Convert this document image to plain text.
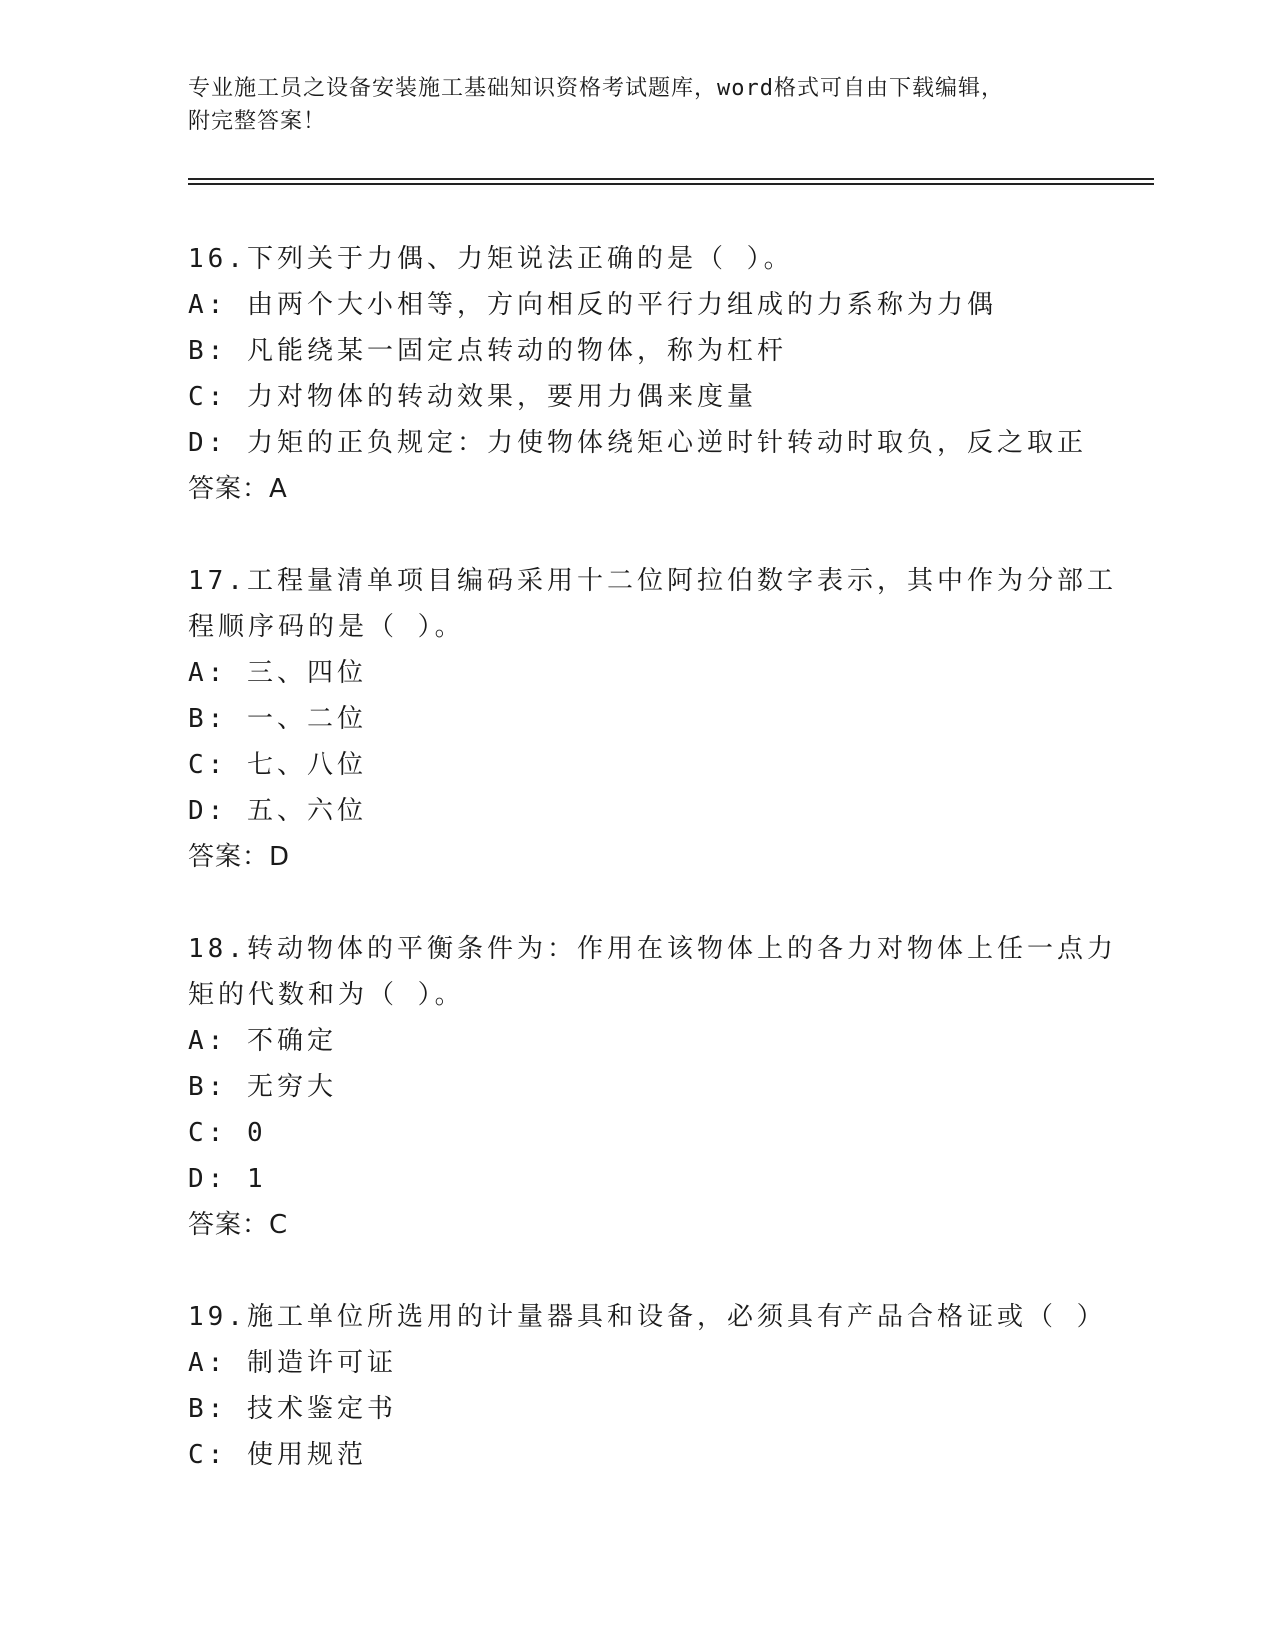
专业施工员之设备安装施工基础知识资格考试题库，word格式可自由下载编辑，
附完整答案！
16.下列关于力偶、力矩说法正确的是（ ）。
A: 由两个大小相等，方向相反的平行力组成的力系称为力偶
B: 凡能绕某一固定点转动的物体，称为杠杆
C: 力对物体的转动效果，要用力偶来度量
D: 力矩的正负规定：力使物体绕矩心逆时针转动时取负，反之取正
答案：A
17.工程量清单项目编码采用十二位阿拉伯数字表示，其中作为分部工
程顺序码的是（ ）。
A: 三、四位
B: 一、二位
C: 七、八位
D: 五、六位
答案：D
18.转动物体的平衡条件为：作用在该物体上的各力对物体上任一点力
矩的代数和为（ ）。
A: 不确定
B: 无穷大
C: 0
D: 1
答案：C
19.施工单位所选用的计量器具和设备，必须具有产品合格证或（ ）
A: 制造许可证
B: 技术鉴定书
C: 使用规范
